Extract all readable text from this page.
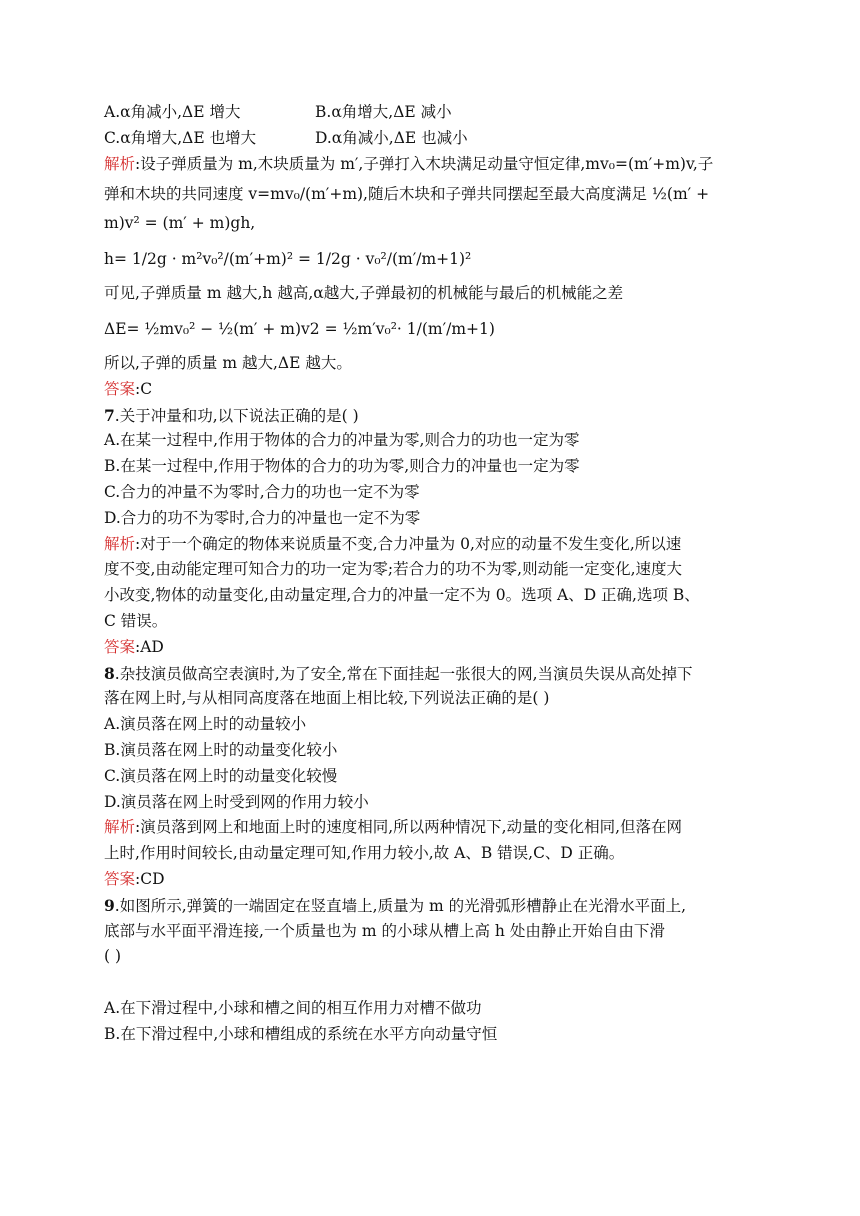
A.α角减小,ΔE 增大	B.α角增大,ΔE 减小
C.α角增大,ΔE 也增大	D.α角减小,ΔE 也减小
解析:设子弹质量为 m,木块质量为 m′,子弹打入木块满足动量守恒定律,mv₀=(m′+m)v,子
弹和木块的共同速度 v=mv₀/(m′+m),随后木块和子弹共同摆起至最大高度满足 ½(m′ +
m)v² = (m′ + m)gh,
h= 1/2g · m²v₀²/(m′+m)² = 1/2g · v₀²/(m′/m+1)²
可见,子弹质量 m 越大,h 越高,α越大,子弹最初的机械能与最后的机械能之差
ΔE= ½mv₀² − ½(m′ + m)v2 = ½m′v₀²· 1/(m′/m+1)
所以,子弹的质量 m 越大,ΔE 越大。
答案:C
7.关于冲量和功,以下说法正确的是( )
A.在某一过程中,作用于物体的合力的冲量为零,则合力的功也一定为零
B.在某一过程中,作用于物体的合力的功为零,则合力的冲量也一定为零
C.合力的冲量不为零时,合力的功也一定不为零
D.合力的功不为零时,合力的冲量也一定不为零
解析:对于一个确定的物体来说质量不变,合力冲量为 0,对应的动量不发生变化,所以速
度不变,由动能定理可知合力的功一定为零;若合力的功不为零,则动能一定变化,速度大
小改变,物体的动量变化,由动量定理,合力的冲量一定不为 0。选项 A、D 正确,选项 B、
C 错误。
答案:AD
8.杂技演员做高空表演时,为了安全,常在下面挂起一张很大的网,当演员失误从高处掉下
落在网上时,与从相同高度落在地面上相比较,下列说法正确的是( )
A.演员落在网上时的动量较小
B.演员落在网上时的动量变化较小
C.演员落在网上时的动量变化较慢
D.演员落在网上时受到网的作用力较小
解析:演员落到网上和地面上时的速度相同,所以两种情况下,动量的变化相同,但落在网
上时,作用时间较长,由动量定理可知,作用力较小,故 A、B 错误,C、D 正确。
答案:CD
9.如图所示,弹簧的一端固定在竖直墙上,质量为 m 的光滑弧形槽静止在光滑水平面上,
底部与水平面平滑连接,一个质量也为 m 的小球从槽上高 h 处由静止开始自由下滑
( )
A.在下滑过程中,小球和槽之间的相互作用力对槽不做功
B.在下滑过程中,小球和槽组成的系统在水平方向动量守恒
